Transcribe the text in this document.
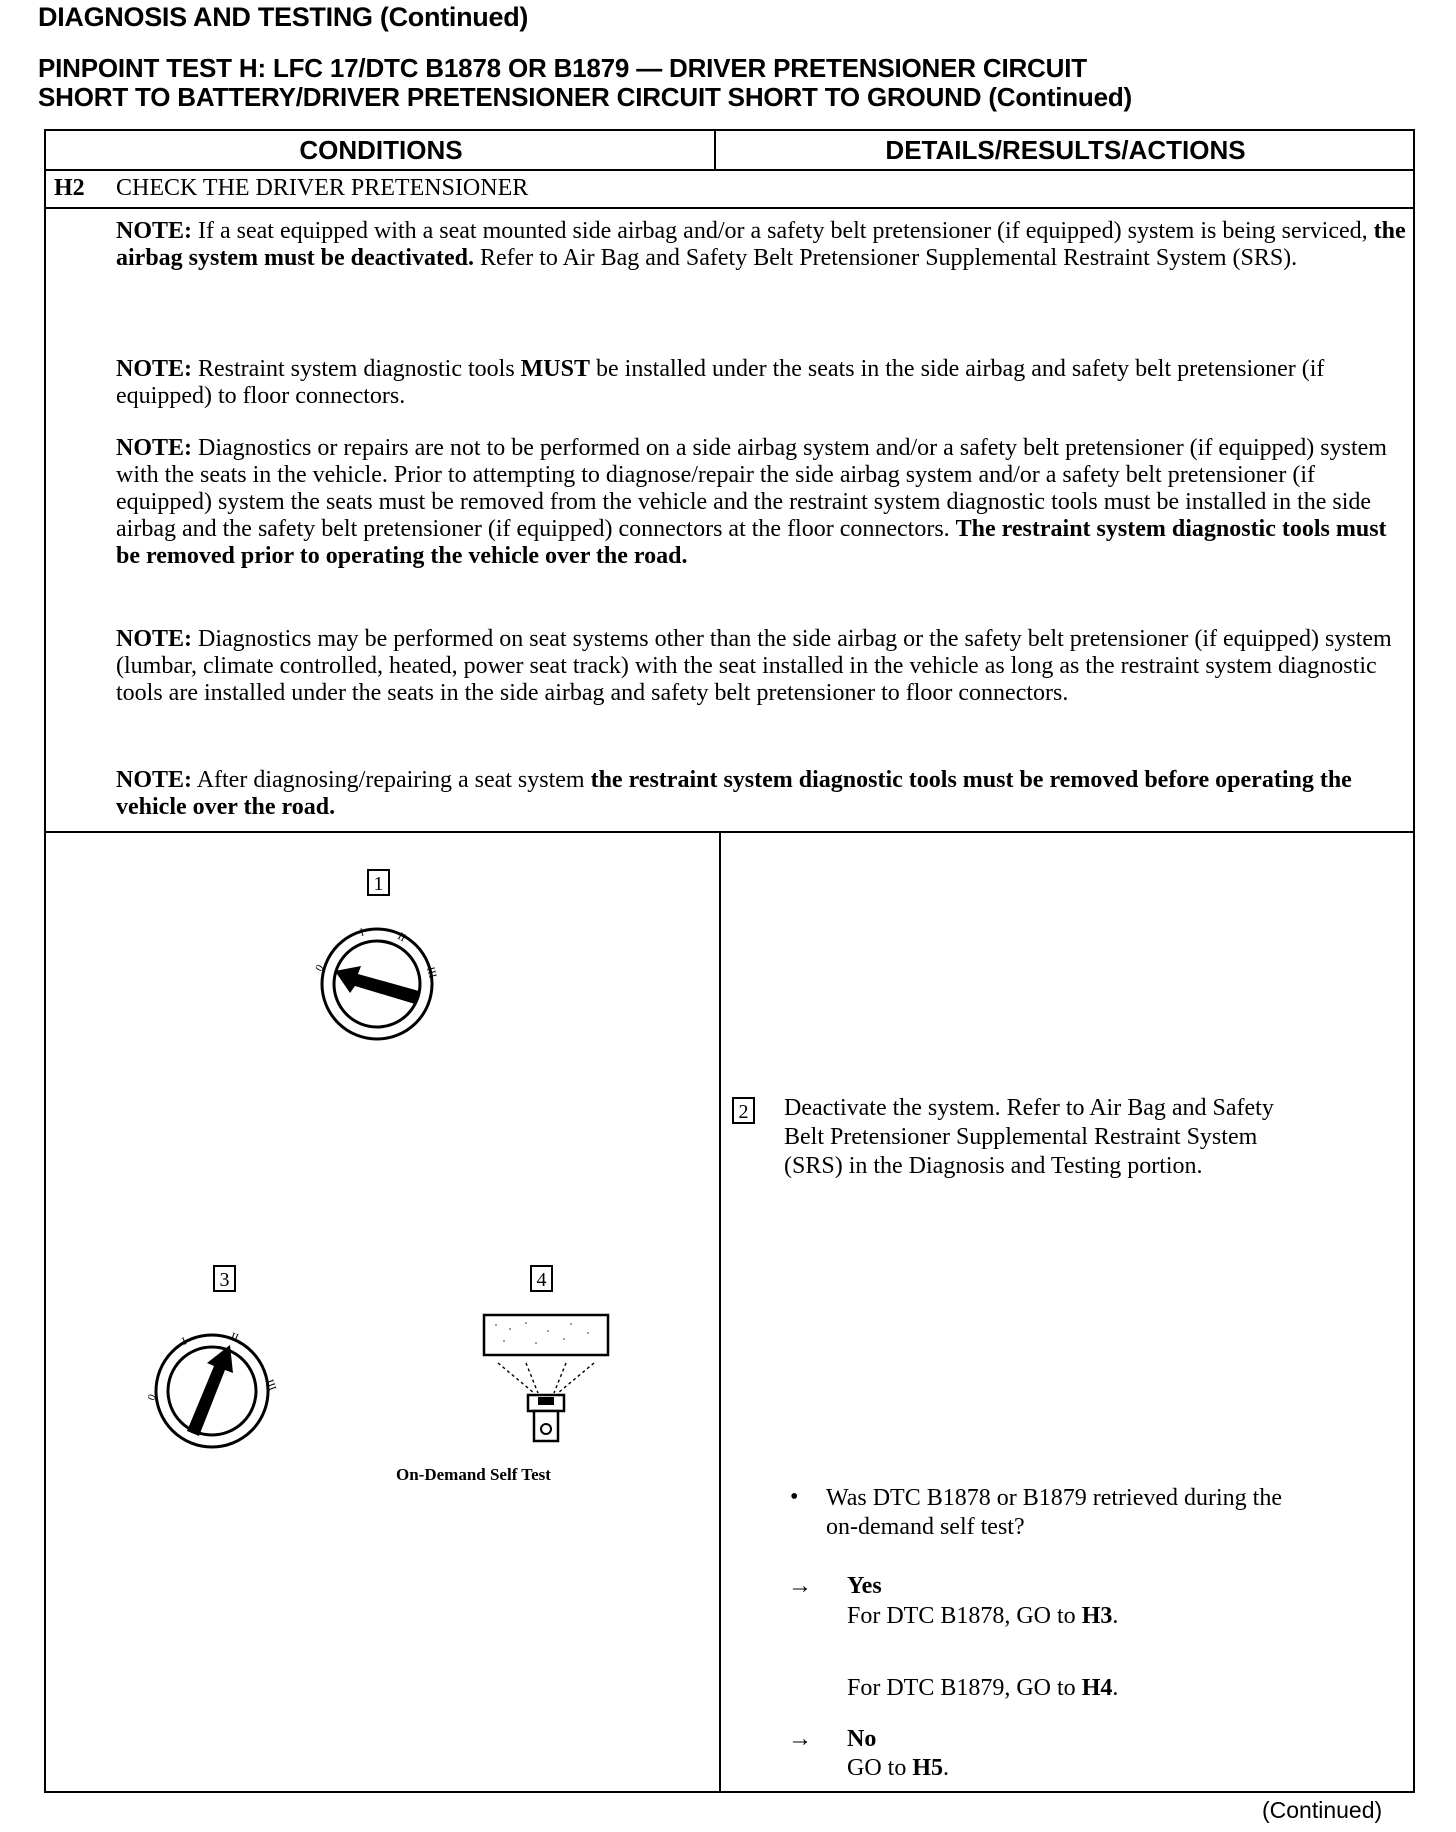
DIAGNOSIS AND TESTING (Continued)
PINPOINT TEST H: LFC 17/DTC B1878 OR B1879 — DRIVER PRETENSIONER CIRCUIT
SHORT TO BATTERY/DRIVER PRETENSIONER CIRCUIT SHORT TO GROUND (Continued)
CONDITIONS	DETAILS/RESULTS/ACTIONS
H2 CHECK THE DRIVER PRETENSIONER
NOTE: If a seat equipped with a seat mounted side airbag and/or a safety belt pretensioner (if equipped) system is being serviced, the airbag system must be deactivated. Refer to Air Bag and Safety Belt Pretensioner Supplemental Restraint System (SRS).
NOTE: Restraint system diagnostic tools MUST be installed under the seats in the side airbag and safety belt pretensioner (if equipped) to floor connectors.
NOTE: Diagnostics or repairs are not to be performed on a side airbag system and/or a safety belt pretensioner (if equipped) system with the seats in the vehicle. Prior to attempting to diagnose/repair the side airbag system and/or a safety belt pretensioner (if equipped) system the seats must be removed from the vehicle and the restraint system diagnostic tools must be installed in the side airbag and the safety belt pretensioner (if equipped) connectors at the floor connectors. The restraint system diagnostic tools must be removed prior to operating the vehicle over the road.
NOTE: Diagnostics may be performed on seat systems other than the side airbag or the safety belt pretensioner (if equipped) system (lumbar, climate controlled, heated, power seat track) with the seat installed in the vehicle as long as the restraint system diagnostic tools are installed under the seats in the side airbag and safety belt pretensioner to floor connectors.
NOTE: After diagnosing/repairing a seat system the restraint system diagnostic tools must be removed before operating the vehicle over the road.
1
0
I	II
III
3
0
I	II
III
4
On-Demand Self Test
2 Deactivate the system. Refer to Air Bag and Safety
Belt Pretensioner Supplemental Restraint System
(SRS) in the Diagnosis and Testing portion.
• Was DTC B1878 or B1879 retrieved during the
on-demand self test?
→ Yes
For DTC B1878, GO to H3.
For DTC B1879, GO to H4.
→ No
GO to H5.
(Continued)
